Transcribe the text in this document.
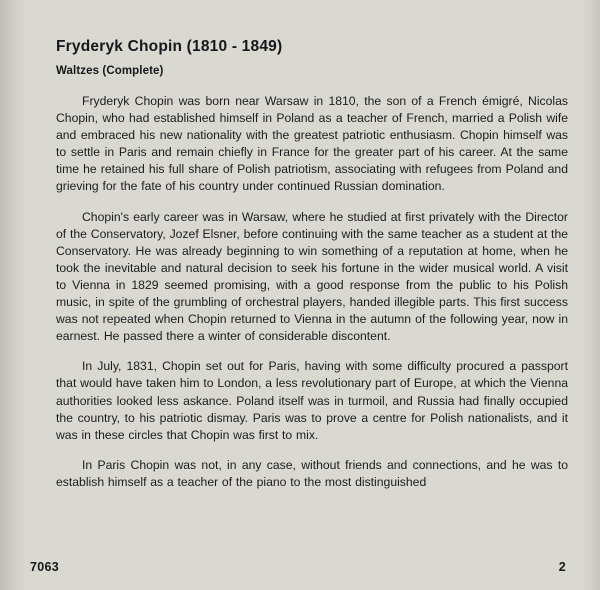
Fryderyk Chopin (1810 - 1849)
Waltzes (Complete)

Fryderyk Chopin was born near Warsaw in 1810, the son of a French émigré, Nicolas Chopin, who had established himself in Poland as a teacher of French, married a Polish wife and embraced his new nationality with the greatest patriotic enthusiasm. Chopin himself was to settle in Paris and remain chiefly in France for the greater part of his career. At the same time he retained his full share of Polish patriotism, associating with refugees from Poland and grieving for the fate of his country under continued Russian domination.

Chopin's early career was in Warsaw, where he studied at first privately with the Director of the Conservatory, Jozef Elsner, before continuing with the same teacher as a student at the Conservatory. He was already beginning to win something of a reputation at home, when he took the inevitable and natural decision to seek his fortune in the wider musical world. A visit to Vienna in 1829 seemed promising, with a good response from the public to his Polish music, in spite of the grumbling of orchestral players, handed illegible parts. This first success was not repeated when Chopin returned to Vienna in the autumn of the following year, now in earnest. He passed there a winter of considerable discontent.

In July, 1831, Chopin set out for Paris, having with some difficulty procured a passport that would have taken him to London, a less revolutionary part of Europe, at which the Vienna authorities looked less askance. Poland itself was in turmoil, and Russia had finally occupied the country, to his patriotic dismay. Paris was to prove a centre for Polish nationalists, and it was in these circles that Chopin was first to mix.

In Paris Chopin was not, in any case, without friends and connections, and he was to establish himself as a teacher of the piano to the most distinguished

7063	2
